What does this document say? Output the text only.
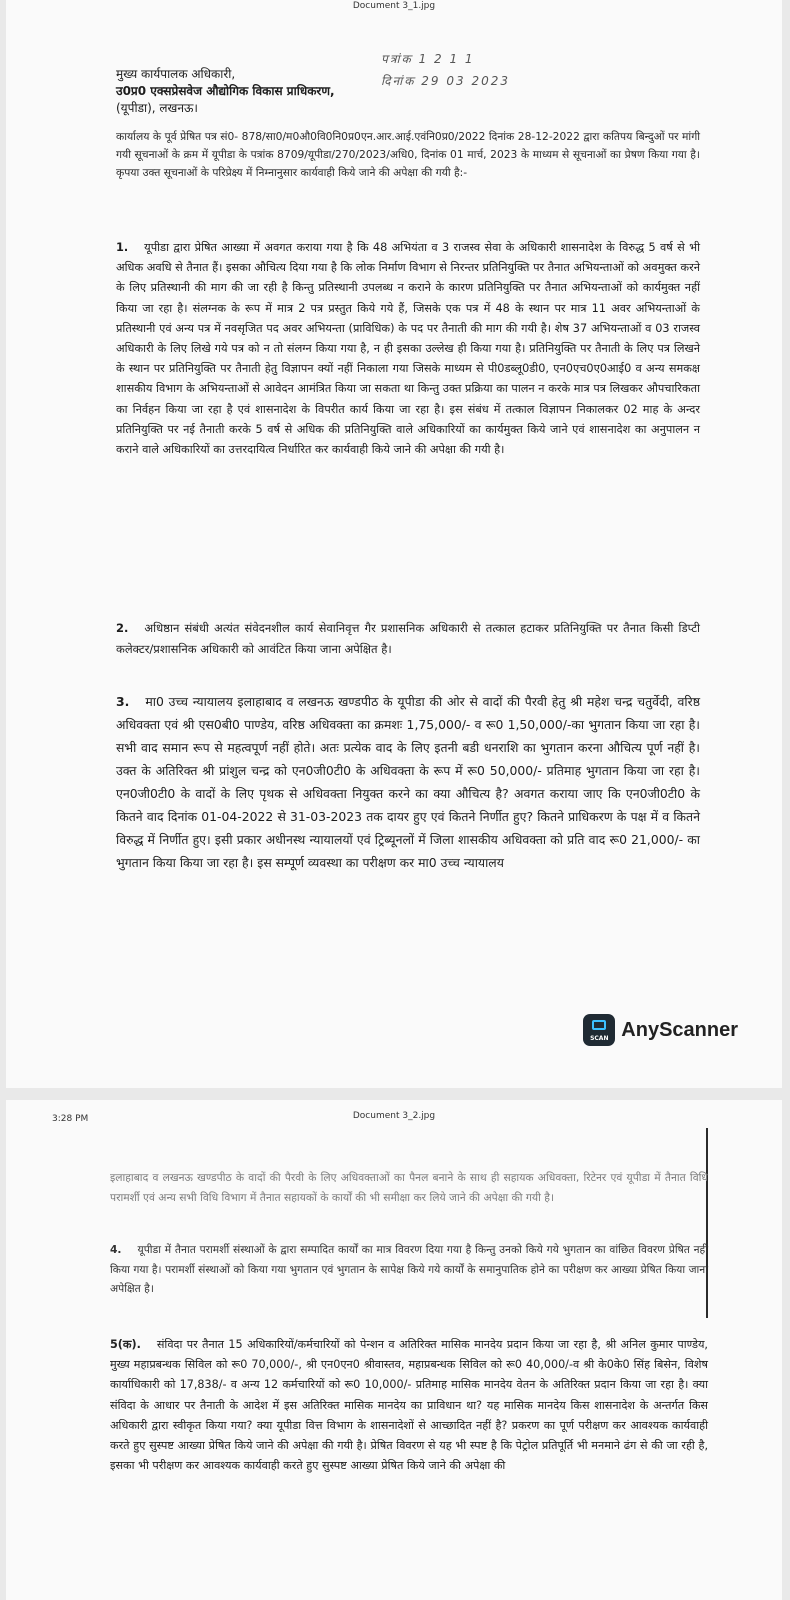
Document 3_1.jpg
मुख्य कार्यपालक अधिकारी,
उ0प्र0 एक्सप्रेसवेज औद्योगिक विकास प्राधिकरण,
(यूपीडा), लखनऊ।
पत्रांक 1 2 1 1
दिनांक 29 03 2023
कार्यालय के पूर्व प्रेषित पत्र सं0- 878/सा0/म0औ0वि0नि0प्र0एन.आर.आई.एवंनि0प्र0/2022 दिनांक 28-12-2022 द्वारा कतिपय बिन्दुओं पर मांगी गयी सूचनाओं के क्रम में यूपीडा के पत्रांक 8709/यूपीडा/270/2023/अधि0, दिनांक 01 मार्च, 2023 के माध्यम से सूचनाओं का प्रेषण किया गया है। कृपया उक्त सूचनाओं के परिप्रेक्ष्य में निम्नानुसार कार्यवाही किये जाने की अपेक्षा की गयी है:-
1. यूपीडा द्वारा प्रेषित आख्या में अवगत कराया गया है कि 48 अभियंता व 3 राजस्व सेवा के अधिकारी शासनादेश के विरुद्ध 5 वर्ष से भी अधिक अवधि से तैनात हैं। इसका औचित्य दिया गया है कि लोक निर्माण विभाग से निरन्तर प्रतिनियुक्ति पर तैनात अभियन्ताओं को अवमुक्त करने के लिए प्रतिस्थानी की माग की जा रही है किन्तु प्रतिस्थानी उपलब्ध न कराने के कारण प्रतिनियुक्ति पर तैनात अभियन्ताओं को कार्यमुक्त नहीं किया जा रहा है। संलग्नक के रूप में मात्र 2 पत्र प्रस्तुत किये गये हैं, जिसके एक पत्र में 48 के स्थान पर मात्र 11 अवर अभियन्ताओं के प्रतिस्थानी एवं अन्य पत्र में नवसृजित पद अवर अभियन्ता (प्राविधिक) के पद पर तैनाती की माग की गयी है। शेष 37 अभियन्ताओं व 03 राजस्व अधिकारी के लिए लिखे गये पत्र को न तो संलग्न किया गया है, न ही इसका उल्लेख ही किया गया है। प्रतिनियुक्ति पर तैनाती के लिए पत्र लिखने के स्थान पर प्रतिनियुक्ति पर तैनाती हेतु विज्ञापन क्यों नहीं निकाला गया जिसके माध्यम से पी0डब्लू0डी0, एन0एच0ए0आई0 व अन्य समकक्ष शासकीय विभाग के अभियन्ताओं से आवेदन आमंत्रित किया जा सकता था किन्तु उक्त प्रक्रिया का पालन न करके मात्र पत्र लिखकर औपचारिकता का निर्वहन किया जा रहा है एवं शासनादेश के विपरीत कार्य किया जा रहा है। इस संबंध में तत्काल विज्ञापन निकालकर 02 माह के अन्दर प्रतिनियुक्ति पर नई तैनाती करके 5 वर्ष से अधिक की प्रतिनियुक्ति वाले अधिकारियों का कार्यमुक्त किये जाने एवं शासनादेश का अनुपालन न कराने वाले अधिकारियों का उत्तरदायित्व निर्धारित कर कार्यवाही किये जाने की अपेक्षा की गयी है।
2. अधिष्ठान संबंधी अत्यंत संवेदनशील कार्य सेवानिवृत्त गैर प्रशासनिक अधिकारी से तत्काल हटाकर प्रतिनियुक्ति पर तैनात किसी डिप्टी कलेक्टर/प्रशासनिक अधिकारी को आवंटित किया जाना अपेक्षित है।
3. मा0 उच्च न्यायालय इलाहाबाद व लखनऊ खण्डपीठ के यूपीडा की ओर से वादों की पैरवी हेतु श्री महेश चन्द्र चतुर्वेदी, वरिष्ठ अधिवक्ता एवं श्री एस0बी0 पाण्डेय, वरिष्ठ अधिवक्ता का क्रमशः 1,75,000/- व रू0 1,50,000/-का भुगतान किया जा रहा है। सभी वाद समान रूप से महत्वपूर्ण नहीं होते। अतः प्रत्येक वाद के लिए इतनी बडी धनराशि का भुगतान करना औचित्य पूर्ण नहीं है। उक्त के अतिरिक्त श्री प्रांशुल चन्द्र को एन0जी0टी0 के अधिवक्ता के रूप में रू0 50,000/- प्रतिमाह भुगतान किया जा रहा है। एन0जी0टी0 के वादों के लिए पृथक से अधिवक्ता नियुक्त करने का क्या औचित्य है? अवगत कराया जाए कि एन0जी0टी0 के कितने वाद दिनांक 01-04-2022 से 31-03-2023 तक दायर हुए एवं कितने निर्णीत हुए? कितने प्राधिकरण के पक्ष में व कितने विरुद्ध में निर्णीत हुए। इसी प्रकार अधीनस्थ न्यायालयों एवं ट्रिब्यूनलों में जिला शासकीय अधिवक्ता को प्रति वाद रू0 21,000/- का भुगतान किया किया जा रहा है। इस सम्पूर्ण व्यवस्था का परीक्षण कर मा0 उच्च न्यायालय
SCAN AnyScanner
3:28 PM	Document 3_2.jpg
इलाहाबाद व लखनऊ खण्डपीठ के वादों की पैरवी के लिए अधिवक्ताओं का पैनल बनाने के साथ ही सहायक अधिवक्ता, रिटेनर एवं यूपीडा में तैनात विधि परामर्शी एवं अन्य सभी विधि विभाग में तैनात सहायकों के कार्यों की भी समीक्षा कर लिये जाने की अपेक्षा की गयी है।
4. यूपीडा में तैनात परामर्शी संस्थाओं के द्वारा सम्पादित कार्यों का मात्र विवरण दिया गया है किन्तु उनको किये गये भुगतान का वांछित विवरण प्रेषित नहीं किया गया है। परामर्शी संस्थाओं को किया गया भुगतान एवं भुगतान के सापेक्ष किये गये कार्यों के समानुपातिक होने का परीक्षण कर आख्या प्रेषित किया जाना अपेक्षित है।
5(क). संविदा पर तैनात 15 अधिकारियों/कर्मचारियों को पेन्शन व अतिरिक्त मासिक मानदेय प्रदान किया जा रहा है, श्री अनिल कुमार पाण्डेय, मुख्य महाप्रबन्धक सिविल को रू0 70,000/-, श्री एन0एन0 श्रीवास्तव, महाप्रबन्धक सिविल को रू0 40,000/-व श्री के0के0 सिंह बिसेन, विशेष कार्याधिकारी को 17,838/- व अन्य 12 कर्मचारियों को रू0 10,000/- प्रतिमाह मासिक मानदेय वेतन के अतिरिक्त प्रदान किया जा रहा है। क्या संविदा के आधार पर तैनाती के आदेश में इस अतिरिक्त मासिक मानदेय का प्राविधान था? यह मासिक मानदेय किस शासनादेश के अन्तर्गत किस अधिकारी द्वारा स्वीकृत किया गया? क्या यूपीडा वित्त विभाग के शासनादेशों से आच्छादित नहीं है? प्रकरण का पूर्ण परीक्षण कर आवश्यक कार्यवाही करते हुए सुस्पष्ट आख्या प्रेषित किये जाने की अपेक्षा की गयी है। प्रेषित विवरण से यह भी स्पष्ट है कि पेट्रोल प्रतिपूर्ति भी मनमाने ढंग से की जा रही है, इसका भी परीक्षण कर आवश्यक कार्यवाही करते हुए सुस्पष्ट आख्या प्रेषित किये जाने की अपेक्षा की
